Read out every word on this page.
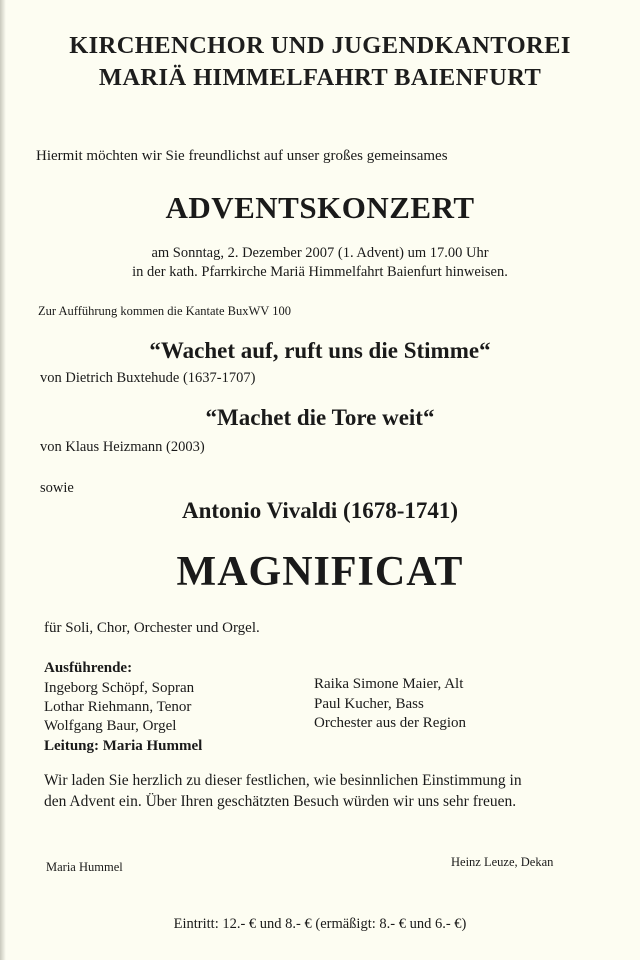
KIRCHENCHOR UND JUGENDKANTOREI
MARIÄ HIMMELFAHRT BAIENFURT
Hiermit möchten wir Sie freundlichst auf unser großes gemeinsames
ADVENTSKONZERT
am Sonntag, 2. Dezember 2007 (1. Advent) um 17.00 Uhr
in der kath. Pfarrkirche Mariä Himmelfahrt Baienfurt hinweisen.
Zur Aufführung kommen die Kantate BuxWV 100
“Wachet auf, ruft uns die Stimme“
von Dietrich Buxtehude (1637-1707)
“Machet die Tore weit“
von Klaus Heizmann (2003)
sowie
Antonio Vivaldi (1678-1741)
MAGNIFICAT
für Soli, Chor, Orchester und Orgel.
Ausführende:
Ingeborg Schöpf, Sopran
Lothar Riehmann, Tenor
Wolfgang Baur, Orgel
Leitung: Maria Hummel
Raika Simone Maier, Alt
Paul Kucher, Bass
Orchester aus der Region
Wir laden Sie herzlich zu dieser festlichen, wie besinnlichen Einstimmung in
den Advent ein. Über Ihren geschätzten Besuch würden wir uns sehr freuen.
Maria Hummel	Heinz Leuze, Dekan
Eintritt: 12.- € und 8.- € (ermäßigt: 8.- € und 6.- €)
